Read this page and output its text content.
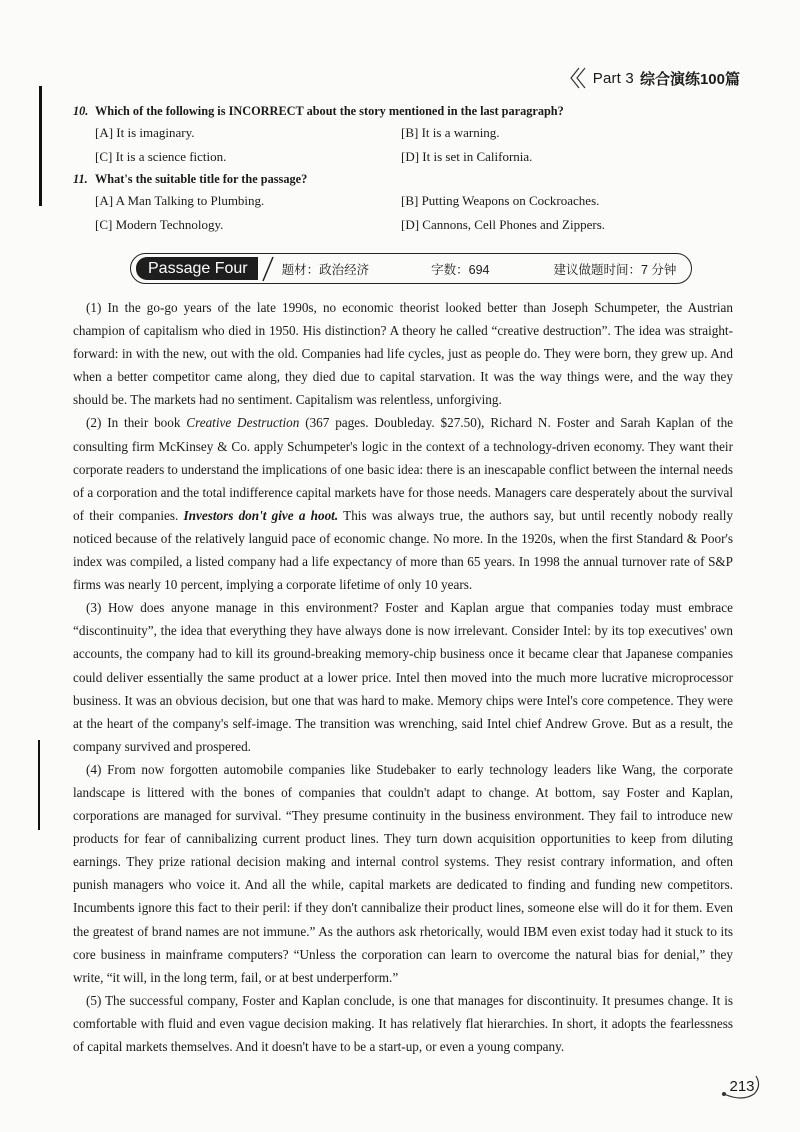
Part 3 综合演练100篇
10. Which of the following is INCORRECT about the story mentioned in the last paragraph?
[A] It is imaginary.	[B] It is a warning.
[C] It is a science fiction.	[D] It is set in California.
11. What's the suitable title for the passage?
[A] A Man Talking to Plumbing.	[B] Putting Weapons on Cockroaches.
[C] Modern Technology.	[D] Cannons, Cell Phones and Zippers.
Passage Four	题材：政治经济	字数：694	建议做题时间：7 分钟

(1) In the go-go years of the late 1990s, no economic theorist looked better than Joseph Schumpeter, the Austrian champion of capitalism who died in 1950. His distinction? A theory he called “creative destruction”. The idea was straight-forward: in with the new, out with the old. Companies had life cycles, just as people do. They were born, they grew up. And when a better competitor came along, they died due to capital starvation. It was the way things were, and the way they should be. The markets had no sentiment. Capitalism was relentless, unforgiving.

(2) In their book Creative Destruction (367 pages. Doubleday. $27.50), Richard N. Foster and Sarah Kaplan of the consulting firm McKinsey & Co. apply Schumpeter's logic in the context of a technology-driven economy. They want their corporate readers to understand the implications of one basic idea: there is an inescapable conflict between the internal needs of a corporation and the total indifference capital markets have for those needs. Managers care desperately about the survival of their companies. Investors don't give a hoot. This was always true, the authors say, but until recently nobody really noticed because of the relatively languid pace of economic change. No more. In the 1920s, when the first Standard & Poor's index was compiled, a listed company had a life expectancy of more than 65 years. In 1998 the annual turnover rate of S&P firms was nearly 10 percent, implying a corporate lifetime of only 10 years.

(3) How does anyone manage in this environment? Foster and Kaplan argue that companies today must embrace “discontinuity”, the idea that everything they have always done is now irrelevant. Consider Intel: by its top executives' own accounts, the company had to kill its ground-breaking memory-chip business once it became clear that Japanese companies could deliver essentially the same product at a lower price. Intel then moved into the much more lucrative microprocessor business. It was an obvious decision, but one that was hard to make. Memory chips were Intel's core competence. They were at the heart of the company's self-image. The transition was wrenching, said Intel chief Andrew Grove. But as a result, the company survived and prospered.

(4) From now forgotten automobile companies like Studebaker to early technology leaders like Wang, the corporate landscape is littered with the bones of companies that couldn't adapt to change. At bottom, say Foster and Kaplan, corporations are managed for survival. “They presume continuity in the business environment. They fail to introduce new products for fear of cannibalizing current product lines. They turn down acquisition opportunities to keep from diluting earnings. They prize rational decision making and internal control systems. They resist contrary information, and often punish managers who voice it. And all the while, capital markets are dedicated to finding and funding new competitors. Incumbents ignore this fact to their peril: if they don't cannibalize their product lines, someone else will do it for them. Even the greatest of brand names are not immune.” As the authors ask rhetorically, would IBM even exist today had it stuck to its core business in mainframe computers? “Unless the corporation can learn to overcome the natural bias for denial,” they write, “it will, in the long term, fail, or at best underperform.”

(5) The successful company, Foster and Kaplan conclude, is one that manages for discontinuity. It presumes change. It is comfortable with fluid and even vague decision making. It has relatively flat hierarchies. In short, it adopts the fearlessness of capital markets themselves. And it doesn't have to be a start-up, or even a young company.

213
